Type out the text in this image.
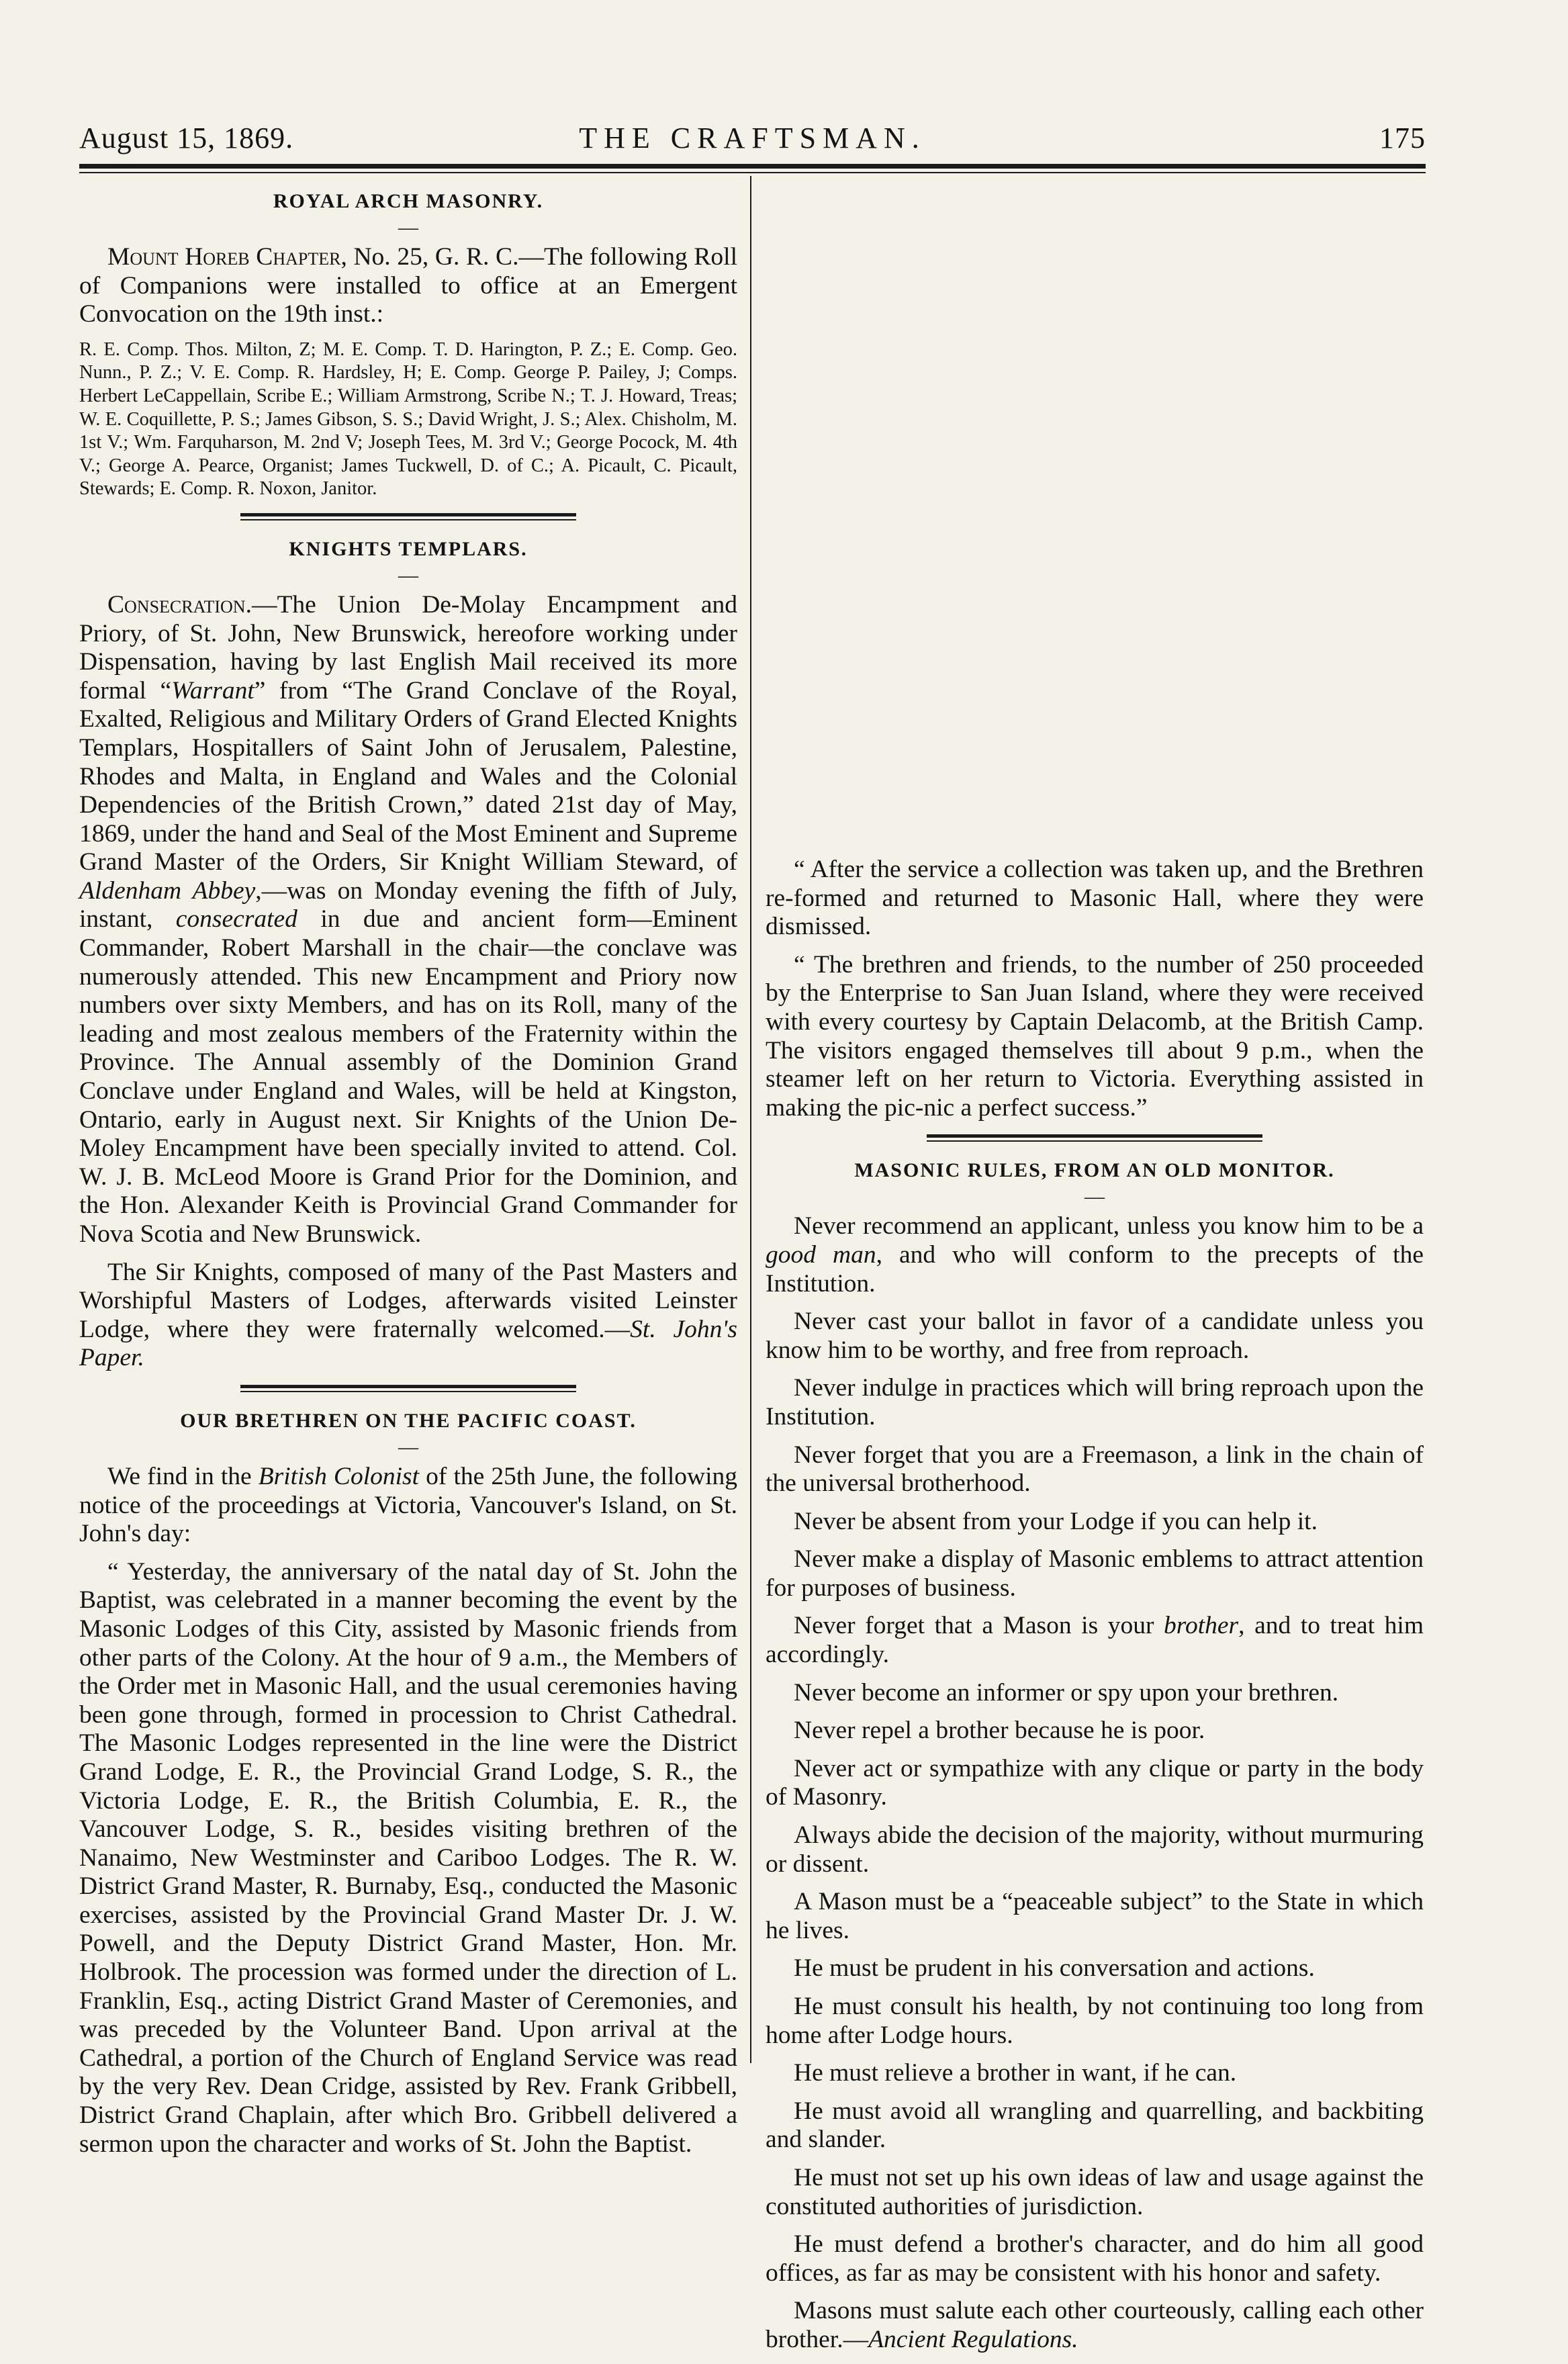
August 15, 1869.	THE CRAFTSMAN.	175
ROYAL ARCH MASONRY.
—

Mount Horeb Chapter, No. 25, G. R. C.—The following Roll of Companions were installed to office at an Emergent Convocation on the 19th inst.:

R. E. Comp. Thos. Milton, Z; M. E. Comp. T. D. Harington, P. Z.; E. Comp. Geo. Nunn., P. Z.; V. E. Comp. R. Hardsley, H; E. Comp. George P. Pailey, J; Comps. Herbert LeCappellain, Scribe E.; William Armstrong, Scribe N.; T. J. Howard, Treas; W. E. Coquillette, P. S.; James Gibson, S. S.; David Wright, J. S.; Alex. Chisholm, M. 1st V.; Wm. Farquharson, M. 2nd V; Joseph Tees, M. 3rd V.; George Pocock, M. 4th V.; George A. Pearce, Organist; James Tuckwell, D. of C.; A. Picault, C. Picault, Stewards; E. Comp. R. Noxon, Janitor.

KNIGHTS TEMPLARS.
—

Consecration.—The Union De-Molay Encampment and Priory, of St. John, New Brunswick, hereofore working under Dispensation, having by last English Mail received its more formal “Warrant” from “The Grand Conclave of the Royal, Exalted, Religious and Military Orders of Grand Elected Knights Templars, Hospitallers of Saint John of Jerusalem, Palestine, Rhodes and Malta, in England and Wales and the Colonial Dependencies of the British Crown,” dated 21st day of May, 1869, under the hand and Seal of the Most Eminent and Supreme Grand Master of the Orders, Sir Knight William Steward, of Aldenham Abbey,—was on Monday evening the fifth of July, instant, consecrated in due and ancient form—Eminent Commander, Robert Marshall in the chair—the conclave was numerously attended. This new Encampment and Priory now numbers over sixty Members, and has on its Roll, many of the leading and most zealous members of the Fraternity within the Province. The Annual assembly of the Dominion Grand Conclave under England and Wales, will be held at Kingston, Ontario, early in August next. Sir Knights of the Union De-Moley Encampment have been specially invited to attend. Col. W. J. B. McLeod Moore is Grand Prior for the Dominion, and the Hon. Alexander Keith is Provincial Grand Commander for Nova Scotia and New Brunswick.

The Sir Knights, composed of many of the Past Masters and Worshipful Masters of Lodges, afterwards visited Leinster Lodge, where they were fraternally welcomed.—St. John's Paper.

OUR BRETHREN ON THE PACIFIC COAST.
—

We find in the British Colonist of the 25th June, the following notice of the proceedings at Victoria, Vancouver's Island, on St. John's day:

“ Yesterday, the anniversary of the natal day of St. John the Baptist, was celebrated in a manner becoming the event by the Masonic Lodges of this City, assisted by Masonic friends from other parts of the Colony. At the hour of 9 a.m., the Members of the Order met in Masonic Hall, and the usual ceremonies having been gone through, formed in procession to Christ Cathedral. The Masonic Lodges represented in the line were the District Grand Lodge, E. R., the Provincial Grand Lodge, S. R., the Victoria Lodge, E. R., the British Columbia, E. R., the Vancouver Lodge, S. R., besides visiting brethren of the Nanaimo, New Westminster and Cariboo Lodges. The R. W. District Grand Master, R. Burnaby, Esq., conducted the Masonic exercises, assisted by the Provincial Grand Master Dr. J. W. Powell, and the Deputy District Grand Master, Hon. Mr. Holbrook. The procession was formed under the direction of L. Franklin, Esq., acting District Grand Master of Ceremonies, and was preceded by the Volunteer Band. Upon arrival at the Cathedral, a portion of the Church of England Service was read by the very Rev. Dean Cridge, assisted by Rev. Frank Gribbell, District Grand Chaplain, after which Bro. Gribbell delivered a sermon upon the character and works of St. John the Baptist.

“ After the service a collection was taken up, and the Brethren re-formed and returned to Masonic Hall, where they were dismissed.

“ The brethren and friends, to the number of 250 proceeded by the Enterprise to San Juan Island, where they were received with every courtesy by Captain Delacomb, at the British Camp. The visitors engaged themselves till about 9 p.m., when the steamer left on her return to Victoria. Everything assisted in making the pic-nic a perfect success.”

MASONIC RULES, FROM AN OLD MONITOR.
—

Never recommend an applicant, unless you know him to be a good man, and who will conform to the precepts of the Institution.

Never cast your ballot in favor of a candidate unless you know him to be worthy, and free from reproach.

Never indulge in practices which will bring reproach upon the Institution.

Never forget that you are a Freemason, a link in the chain of the universal brotherhood.

Never be absent from your Lodge if you can help it.

Never make a display of Masonic emblems to attract attention for purposes of business.

Never forget that a Mason is your brother, and to treat him accordingly.

Never become an informer or spy upon your brethren.

Never repel a brother because he is poor.

Never act or sympathize with any clique or party in the body of Masonry.

Always abide the decision of the majority, without murmuring or dissent.

A Mason must be a “peaceable subject” to the State in which he lives.

He must be prudent in his conversation and actions.

He must consult his health, by not continuing too long from home after Lodge hours.

He must relieve a brother in want, if he can.

He must avoid all wrangling and quarrelling, and backbiting and slander.

He must not set up his own ideas of law and usage against the constituted authorities of jurisdiction.

He must defend a brother's character, and do him all good offices, as far as may be consistent with his honor and safety.

Masons must salute each other courteously, calling each other brother.—Ancient Regulations.
